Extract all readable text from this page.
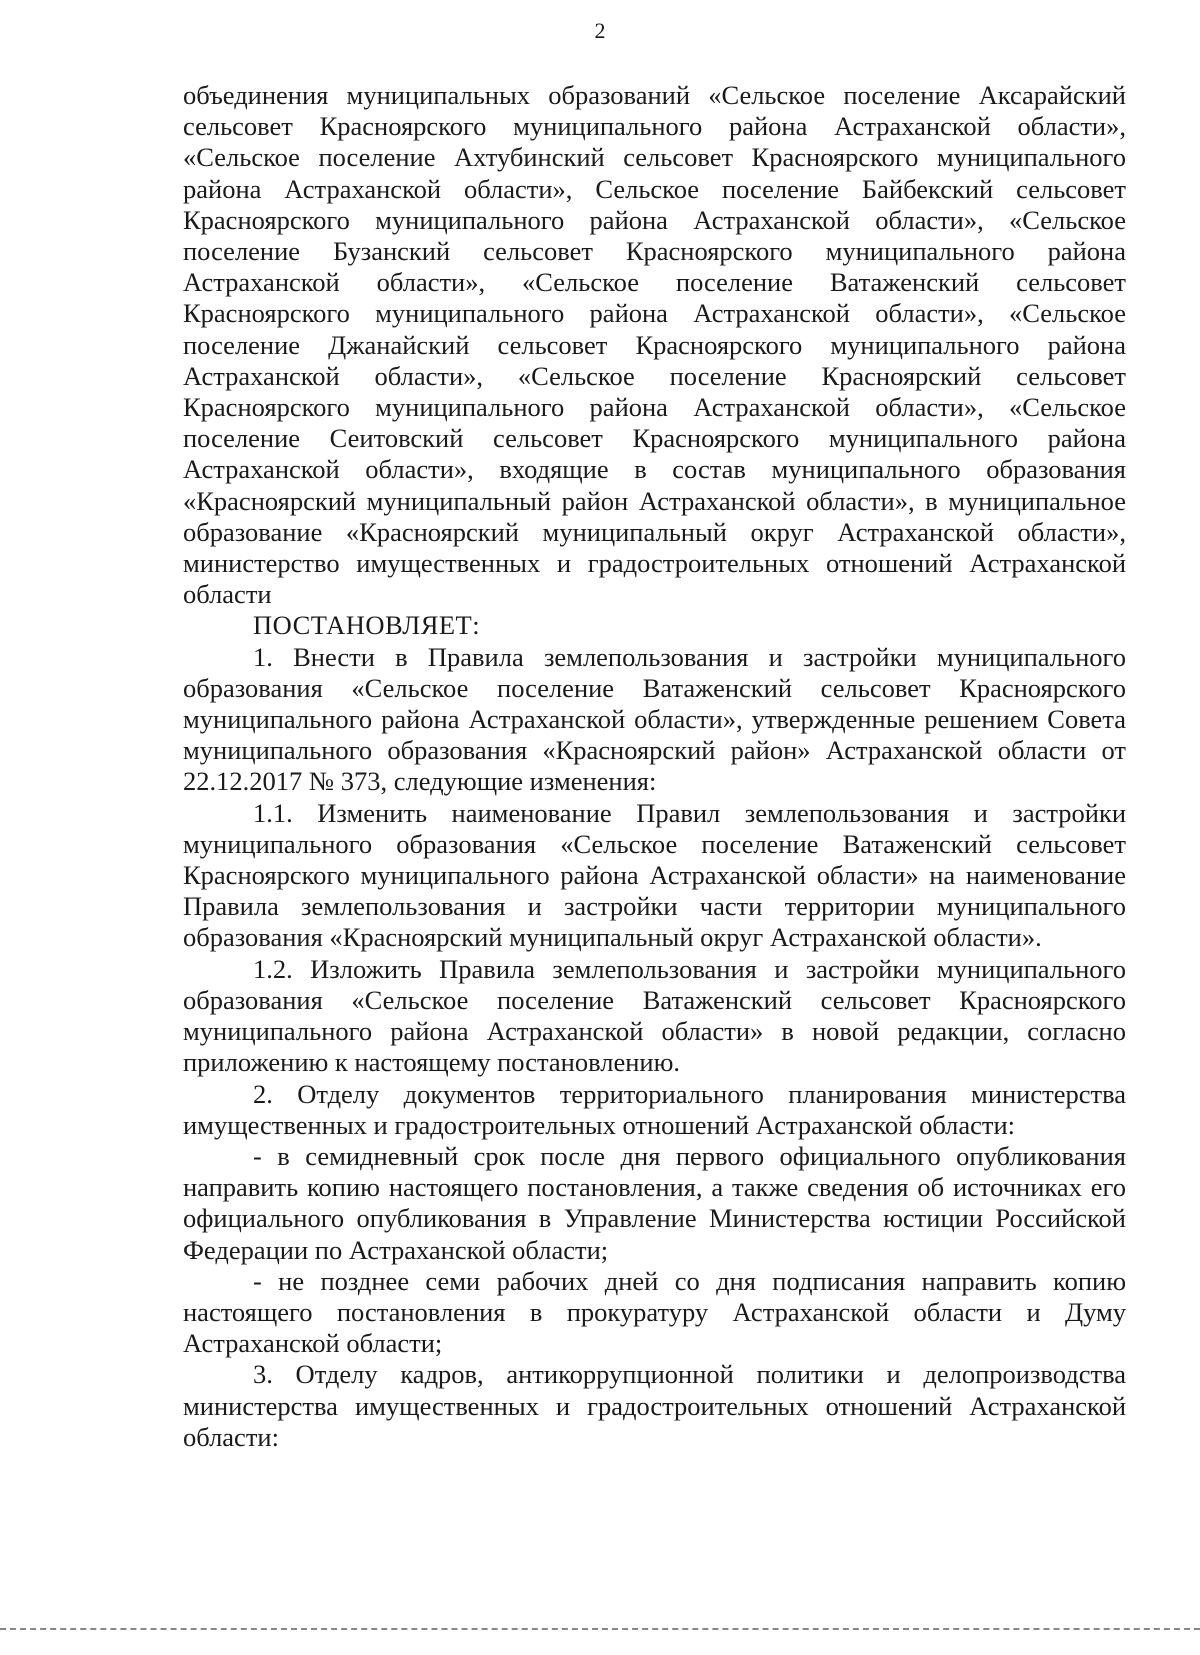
2

объединения муниципальных образований «Сельское поселение Аксарайский сельсовет Красноярского муниципального района Астраханской области», «Сельское поселение Ахтубинский сельсовет Красноярского муниципального района Астраханской области», Сельское поселение Байбекский сельсовет Красноярского муниципального района Астраханской области», «Сельское поселение Бузанский сельсовет Красноярского муниципального района Астраханской области», «Сельское поселение Ватаженский сельсовет Красноярского муниципального района Астраханской области», «Сельское поселение Джанайский сельсовет Красноярского муниципального района Астраханской области», «Сельское поселение Красноярский сельсовет Красноярского муниципального района Астраханской области», «Сельское поселение Сеитовский сельсовет Красноярского муниципального района Астраханской области», входящие в состав муниципального образования «Красноярский муниципальный район Астраханской области», в муниципальное образование «Красноярский муниципальный округ Астраханской области», министерство имущественных и градостроительных отношений Астраханской области

ПОСТАНОВЛЯЕТ:

1. Внести в Правила землепользования и застройки муниципального образования «Сельское поселение Ватаженский сельсовет Красноярского муниципального района Астраханской области», утвержденные решением Совета муниципального образования «Красноярский район» Астраханской области от 22.12.2017 № 373, следующие изменения:

1.1. Изменить наименование Правил землепользования и застройки муниципального образования «Сельское поселение Ватаженский сельсовет Красноярского муниципального района Астраханской области» на наименование Правила землепользования и застройки части территории муниципального образования «Красноярский муниципальный округ Астраханской области».

1.2. Изложить Правила землепользования и застройки муниципального образования «Сельское поселение Ватаженский сельсовет Красноярского муниципального района Астраханской области» в новой редакции, согласно приложению к настоящему постановлению.

2. Отделу документов территориального планирования министерства имущественных и градостроительных отношений Астраханской области:

- в семидневный срок после дня первого официального опубликования направить копию настоящего постановления, а также сведения об источниках его официального опубликования в Управление Министерства юстиции Российской Федерации по Астраханской области;

- не позднее семи рабочих дней со дня подписания направить копию настоящего постановления в прокуратуру Астраханской области и Думу Астраханской области;

3. Отделу кадров, антикоррупционной политики и делопроизводства министерства имущественных и градостроительных отношений Астраханской области:
